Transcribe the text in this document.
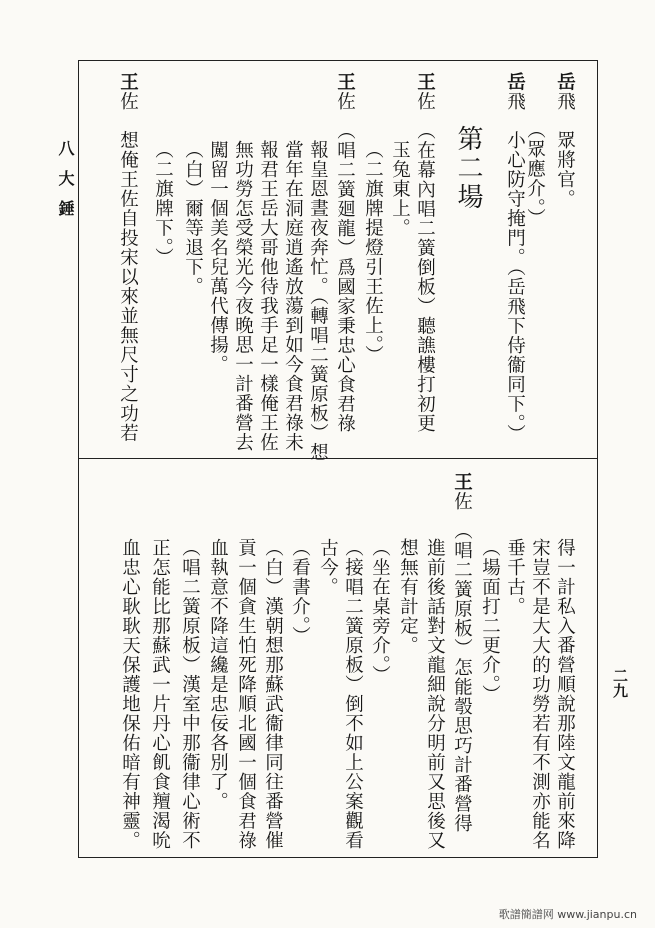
八大錘
二九
岳飛　眾將官。
（眾應介。）
岳飛　小心防守掩門。（岳飛下侍衞同下。）
第二場
王佐　（在幕內唱二簧倒板）聽譙樓打初更
玉兔東上。
（二旗牌提燈引王佐上。）
王佐　（唱二簧廻龍）爲國家秉忠心食君祿
報皇恩晝夜奔忙。（轉唱二簧原板）想
當年在洞庭逍遙放蕩到如今食君祿未
報君王岳大哥他待我手足一樣俺王佐
無功勞怎受榮光今夜晚思一計番營去
闖留一個美名兒萬代傳揚。
（白）爾等退下。
（二旗牌下。）
王佐　想俺王佐自投宋以來並無尺寸之功若
得一計私入番營順說那陸文龍前來降
宋豈不是大大的功勞若有不測亦能名
垂千古。
（場面打二更介。）
王佐　（唱二簧原板）怎能彀思巧計番營得
進前後話對文龍細說分明前又思後又
想無有計定。
（坐在桌旁介。）
（接唱二簧原板）倒不如上公案觀看
古今。
（看書介。）
（白）漢朝想那蘇武衞律同往番營催
貢一個貪生怕死降順北國一個食君祿
血執意不降這纔是忠佞各別了。
（唱二簧原板）漢室中那衞律心術不
正怎能比那蘇武一片丹心飢食羶渴吮
血忠心耿耿天保護地保佑暗有神靈。
歌譜簡譜网 www.jianpu.cn
